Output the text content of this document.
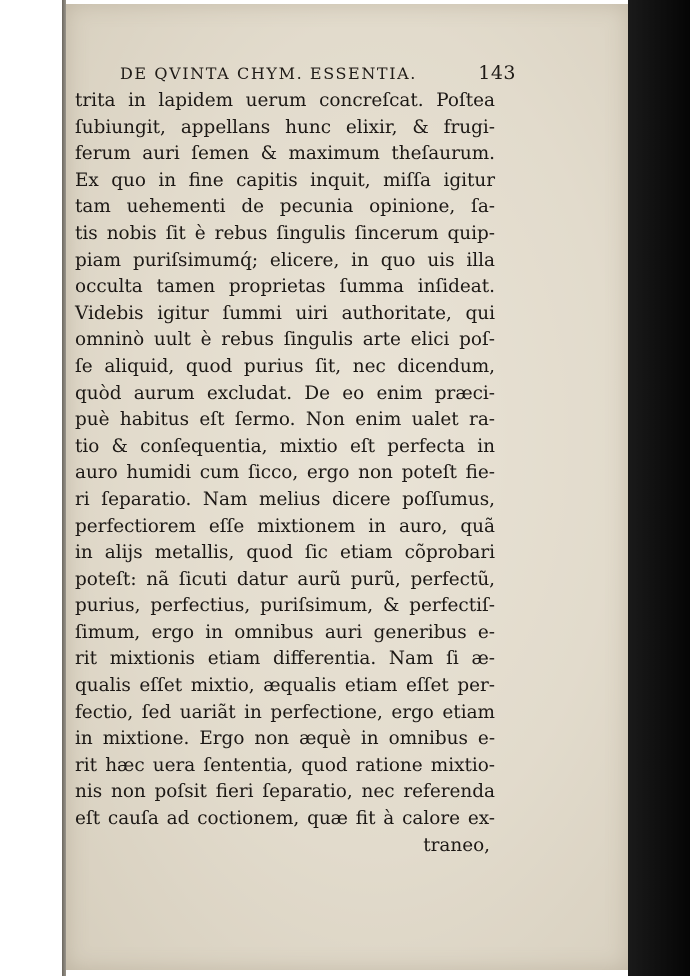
DE QVINTA CHYM. ESSENTIA.	143
trita in lapidem uerum concreſcat. Poſtea
ſubiungit, appellans hunc elixir, & frugi-
ferum auri ſemen & maximum theſaurum.
Ex quo in fine capitis inquit, miſſa igitur
tam uehementi de pecunia opinione, ſa-
tis nobis ſit è rebus ſingulis ſincerum quip-
piam puriſsimumq́; elicere, in quo uis illa
occulta tamen proprietas ſumma inſideat.
Videbis igitur ſummi uiri authoritate, qui
omninò uult è rebus ſingulis arte elici poſ-
ſe aliquid, quod purius ſit, nec dicendum,
quòd aurum excludat. De eo enim præci-
puè habitus eſt ſermo. Non enim ualet ra-
tio & conſequentia, mixtio eſt perfecta in
auro humidi cum ſicco, ergo non poteſt fie-
ri ſeparatio. Nam melius dicere poſſumus,
perfectiorem eſſe mixtionem in auro, quã
in alijs metallis, quod ſic etiam cõprobari
poteſt: nã ſicuti datur aurũ purũ, perfectũ,
purius, perfectius, puriſsimum, & perfectiſ-
ſimum, ergo in omnibus auri generibus e-
rit mixtionis etiam differentia. Nam ſi æ-
qualis eſſet mixtio, æqualis etiam eſſet per-
fectio, ſed uariãt in perfectione, ergo etiam
in mixtione. Ergo non æquè in omnibus e-
rit hæc uera ſententia, quod ratione mixtio-
nis non poſsit fieri ſeparatio, nec referenda
eſt cauſa ad coctionem, quæ fit à calore ex-
traneo,
